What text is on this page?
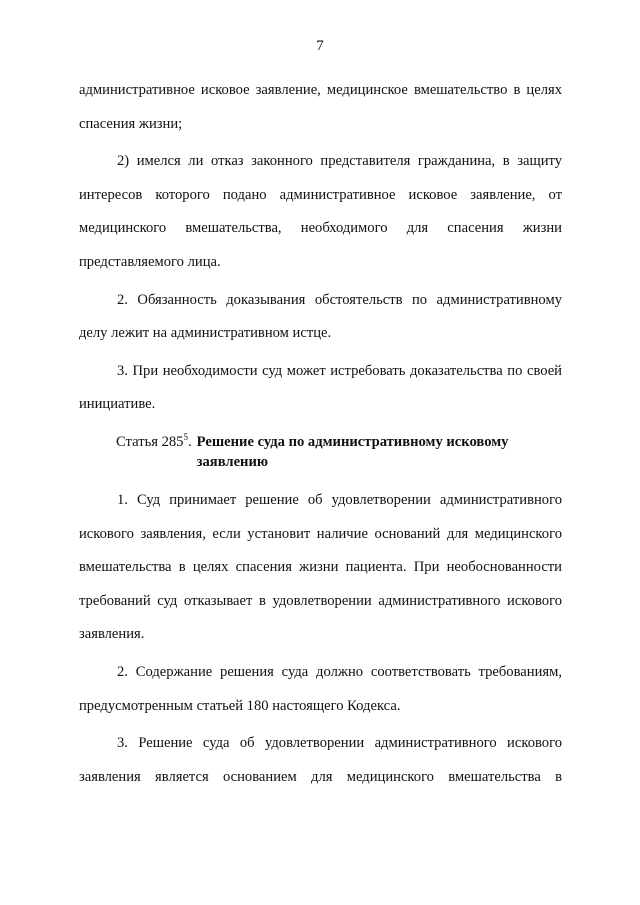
7

административное исковое заявление, медицинское вмешательство в целях спасения жизни;

2) имелся ли отказ законного представителя гражданина, в защиту интересов которого подано административное исковое заявление, от медицинского вмешательства, необходимого для спасения жизни представляемого лица.

2. Обязанность доказывания обстоятельств по административному делу лежит на административном истце.

3. При необходимости суд может истребовать доказательства по своей инициативе.

Статья $285^5$. Решение суда по административному исковому заявлению

1. Суд принимает решение об удовлетворении административного искового заявления, если установит наличие оснований для медицинского вмешательства в целях спасения жизни пациента. При необоснованности требований суд отказывает в удовлетворении административного искового заявления.

2. Содержание решения суда должно соответствовать требованиям, предусмотренным статьей 180 настоящего Кодекса.

3. Решение суда об удовлетворении административного искового заявления является основанием для медицинского вмешательства в
